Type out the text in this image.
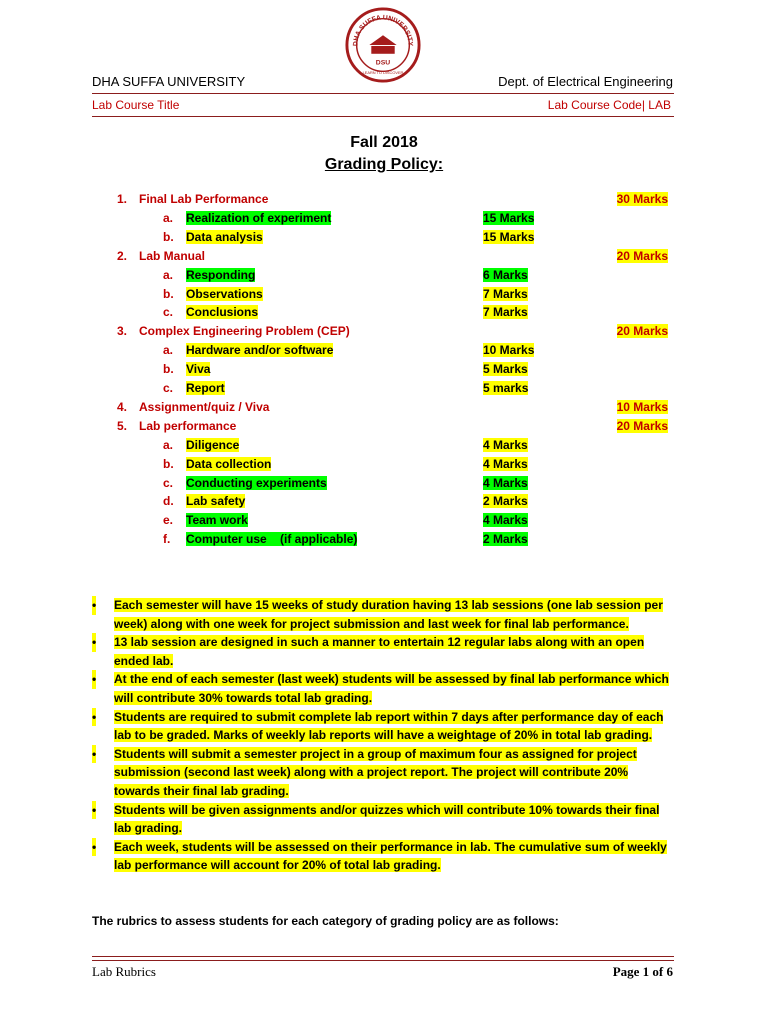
DHA SUFFA UNIVERSITY
DSU
LEARN TO DISCOVER
DHA SUFFA UNIVERSITY	Dept. of Electrical Engineering
Lab Course Title	Lab Course Code| LAB
Fall 2018
Grading Policy:
1. Final Lab Performance	30 Marks
a. Realization of experiment	15 Marks
b. Data analysis	15 Marks
2. Lab Manual	20 Marks
a. Responding	6 Marks
b. Observations	7 Marks
c. Conclusions	7 Marks
3. Complex Engineering Problem (CEP)	20 Marks
a. Hardware and/or software	10 Marks
b. Viva	5 Marks
c. Report	5 marks
4. Assignment/quiz / Viva	10 Marks
5. Lab performance	20 Marks
a. Diligence	4 Marks
b. Data collection	4 Marks
c. Conducting experiments	4 Marks
d. Lab safety	2 Marks
e. Team work	4 Marks
f. Computer use    (if applicable)	2 Marks
• Each semester will have 15 weeks of study duration having 13 lab sessions (one lab session per week) along with one week for project submission and last week for final lab performance.
• 13 lab session are designed in such a manner to entertain 12 regular labs along with an open ended lab.
• At the end of each semester (last week) students will be assessed by final lab performance which will contribute 30% towards total lab grading.
• Students are required to submit complete lab report within 7 days after performance day of each lab to be graded. Marks of weekly lab reports will have a weightage of 20% in total lab grading.
• Students will submit a semester project in a group of maximum four as assigned for project submission (second last week) along with a project report. The project will contribute 20% towards their final lab grading.
• Students will be given assignments and/or quizzes which will contribute 10% towards their final lab grading.
• Each week, students will be assessed on their performance in lab. The cumulative sum of weekly lab performance will account for 20% of total lab grading.
The rubrics to assess students for each category of grading policy are as follows:
Lab Rubrics	Page 1 of 6
